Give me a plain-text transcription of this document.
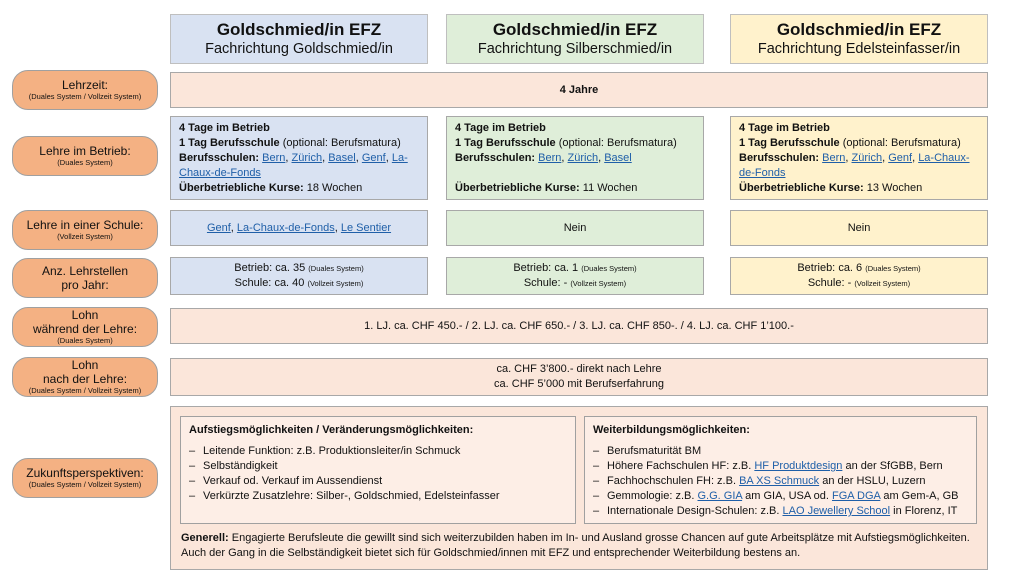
Goldschmied/in EFZ
Fachrichtung Goldschmied/in
Goldschmied/in EFZ
Fachrichtung Silberschmied/in
Goldschmied/in EFZ
Fachrichtung Edelsteinfasser/in
Lehrzeit:
(Duales System / Vollzeit System)
4 Jahre
Lehre im Betrieb:
(Duales System)
4 Tage im Betrieb
1 Tag Berufsschule (optional: Berufsmatura)
Berufsschulen: Bern, Zürich, Basel, Genf, La-Chaux-de-Fonds
Überbetriebliche Kurse: 18 Wochen
4 Tage im Betrieb
1 Tag Berufsschule (optional: Berufsmatura)
Berufsschulen: Bern, Zürich, Basel
Überbetriebliche Kurse: 11 Wochen
4 Tage im Betrieb
1 Tag Berufsschule (optional: Berufsmatura)
Berufsschulen: Bern, Zürich, Genf, La-Chaux-de-Fonds
Überbetriebliche Kurse: 13 Wochen
Lehre in einer Schule:
(Vollzeit System)
Genf, La-Chaux-de-Fonds, Le Sentier	Nein	Nein
Anz. Lehrstellen
pro Jahr:
Betrieb: ca. 35 (Duales System)
Schule: ca. 40 (Vollzeit System)
Betrieb: ca. 1 (Duales System)
Schule: - (Vollzeit System)
Betrieb: ca. 6 (Duales System)
Schule: - (Vollzeit System)
Lohn
während der Lehre:
(Duales System)
1. LJ. ca. CHF 450.- / 2. LJ. ca. CHF 650.- / 3. LJ. ca. CHF 850-. / 4. LJ. ca. CHF 1’100.-
Lohn
nach der Lehre:
(Duales System / Vollzeit System)
ca. CHF 3’800.- direkt nach Lehre
ca. CHF 5’000 mit Berufserfahrung
Zukunftsperspektiven:
(Duales System / Vollzeit System)
Aufstiegsmöglichkeiten / Veränderungsmöglichkeiten:
– Leitende Funktion: z.B. Produktionsleiter/in Schmuck
– Selbständigkeit
– Verkauf od. Verkauf im Aussendienst
– Verkürzte Zusatzlehre: Silber-, Goldschmied, Edelsteinfasser
Weiterbildungsmöglichkeiten:
– Berufsmaturität BM
– Höhere Fachschulen HF: z.B. HF Produktdesign an der SfGBB, Bern
– Fachhochschulen FH: z.B. BA XS Schmuck an der HSLU, Luzern
– Gemmologie: z.B. G.G. GIA am GIA, USA od. FGA DGA am Gem-A, GB
– Internationale Design-Schulen: z.B. LAO Jewellery School in Florenz, IT
Generell: Engagierte Berufsleute die gewillt sind sich weiterzubilden haben im In- und Ausland grosse Chancen auf gute Arbeitsplätze mit Aufstiegsmöglichkeiten. Auch der Gang in die Selbständigkeit bietet sich für Goldschmied/innen mit EFZ und entsprechender Weiterbildung bestens an.
